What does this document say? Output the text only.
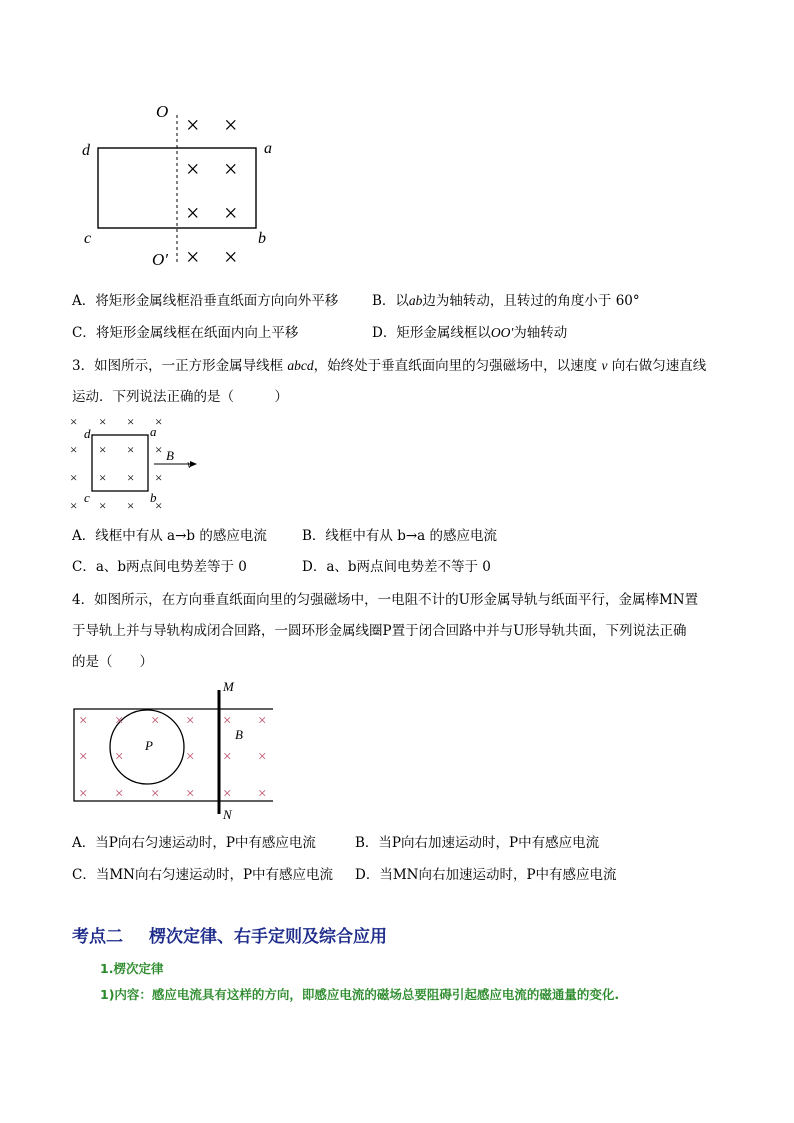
× ×
× ×
× ×
× ×
O
O′
d	a
c	b
A．将矩形金属线框沿垂直纸面方向向外平移	B．以ab边为轴转动，且转过的角度小于 60°
C．将矩形金属线框在纸面内向上平移	D．矩形金属线框以OO′为轴转动
3．如图所示，一正方形金属导线框 abcd，始终处于垂直纸面向里的匀强磁场中，以速度 v 向右做匀速直线
运动．下列说法正确的是（　　　）
×
×
×
×
× × ×
× × ×
× × ×
× × ×
d	a
c	b
B
v
A．线框中有从 a→b 的感应电流	B．线框中有从 b→a 的感应电流
C．a、b两点间电势差等于 0	D．a、b两点间电势差不等于 0
4．如图所示，在方向垂直纸面向里的匀强磁场中，一电阻不计的U形金属导轨与纸面平行，金属棒MN置
于导轨上并与导轨构成闭合回路，一圆环形金属线圈P置于闭合回路中并与U形导轨共面，下列说法正确
的是（　　）
× × × × × ×
× ×	× × ×
× × × × × ×
M
N
P
B
A．当P向右匀速运动时，P中有感应电流	B．当P向右加速运动时，P中有感应电流
C．当MN向右匀速运动时，P中有感应电流 D．当MN向右加速运动时，P中有感应电流
考点二 楞次定律、右手定则及综合应用
1.楞次定律
1)内容：感应电流具有这样的方向，即感应电流的磁场总要阻碍引起感应电流的磁通量的变化.
